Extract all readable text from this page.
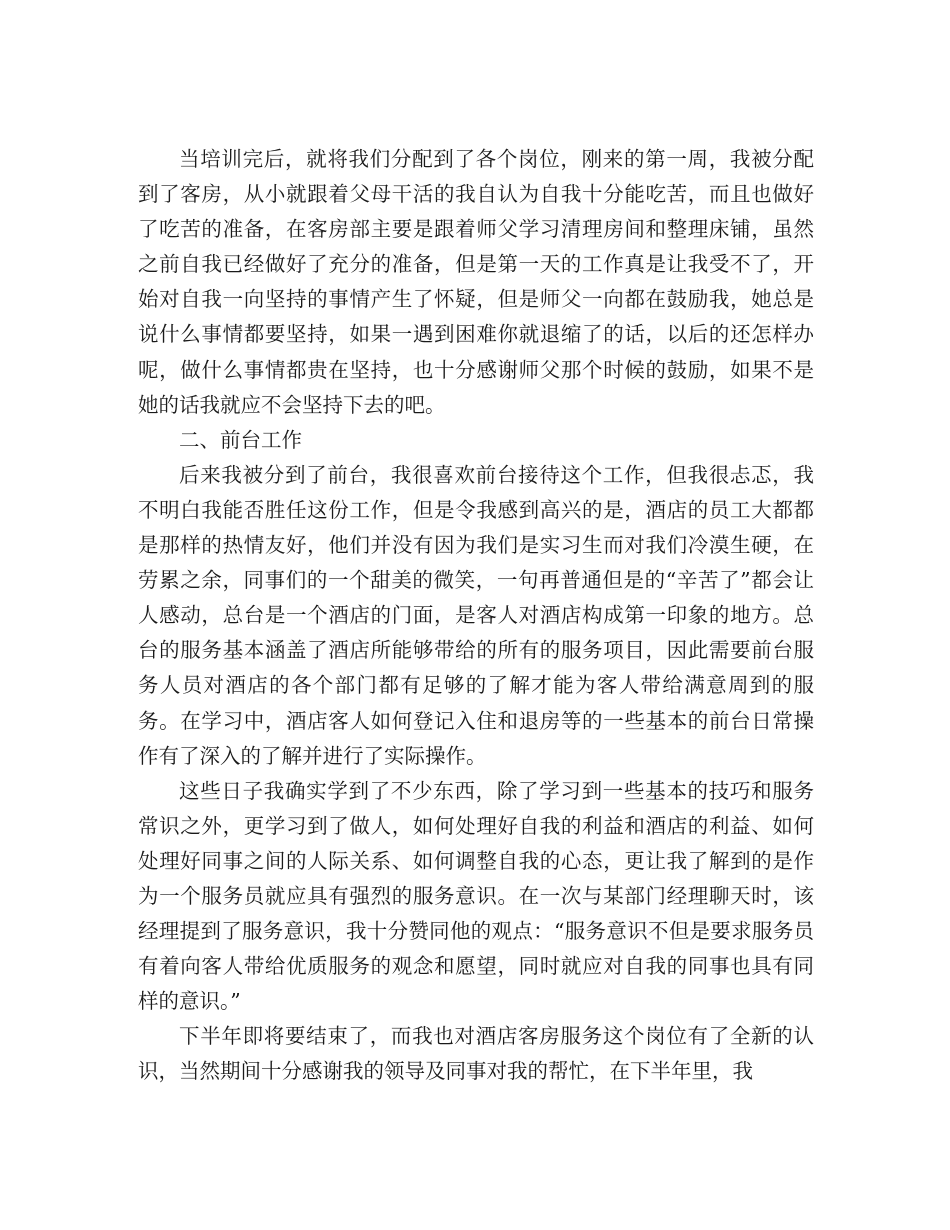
当培训完后，就将我们分配到了各个岗位，刚来的第一周，我被分配到了客房，从小就跟着父母干活的我自认为自我十分能吃苦，而且也做好了吃苦的准备，在客房部主要是跟着师父学习清理房间和整理床铺，虽然之前自我已经做好了充分的准备，但是第一天的工作真是让我受不了，开始对自我一向坚持的事情产生了怀疑，但是师父一向都在鼓励我，她总是说什么事情都要坚持，如果一遇到困难你就退缩了的话，以后的还怎样办呢，做什么事情都贵在坚持，也十分感谢师父那个时候的鼓励，如果不是她的话我就应不会坚持下去的吧。

二、前台工作

后来我被分到了前台，我很喜欢前台接待这个工作，但我很忐忑，我不明白我能否胜任这份工作，但是令我感到高兴的是，酒店的员工大都都是那样的热情友好，他们并没有因为我们是实习生而对我们冷漠生硬，在劳累之余，同事们的一个甜美的微笑，一句再普通但是的“辛苦了”都会让人感动，总台是一个酒店的门面，是客人对酒店构成第一印象的地方。总台的服务基本涵盖了酒店所能够带给的所有的服务项目，因此需要前台服务人员对酒店的各个部门都有足够的了解才能为客人带给满意周到的服务。在学习中，酒店客人如何登记入住和退房等的一些基本的前台日常操作有了深入的了解并进行了实际操作。

这些日子我确实学到了不少东西，除了学习到一些基本的技巧和服务常识之外，更学习到了做人，如何处理好自我的利益和酒店的利益、如何处理好同事之间的人际关系、如何调整自我的心态，更让我了解到的是作为一个服务员就应具有强烈的服务意识。在一次与某部门经理聊天时，该经理提到了服务意识，我十分赞同他的观点：“服务意识不但是要求服务员有着向客人带给优质服务的观念和愿望，同时就应对自我的同事也具有同样的意识。”

下半年即将要结束了，而我也对酒店客房服务这个岗位有了全新的认识，当然期间十分感谢我的领导及同事对我的帮忙，在下半年里，我
